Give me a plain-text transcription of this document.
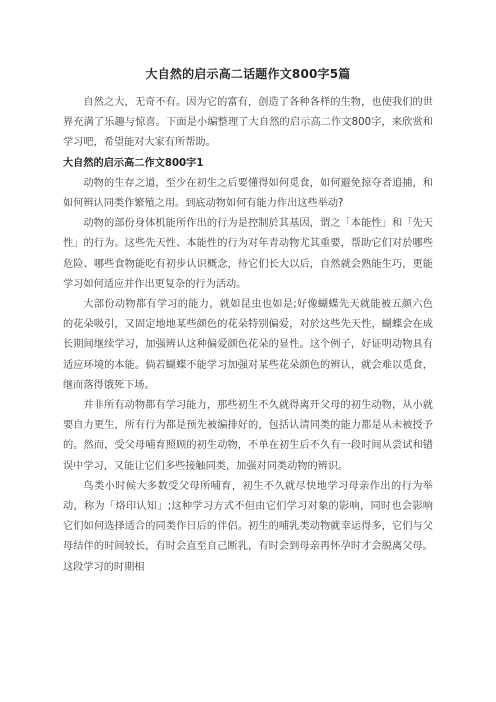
大自然的启示高二话题作文800字5篇

自然之大，无奇不有。因为它的富有，创造了各种各样的生物，也使我们的世界充满了乐趣与惊喜。下面是小编整理了大自然的启示高二作文800字，来欣赏和学习吧，希望能对大家有所帮助。

大自然的启示高二作文800字1

动物的生存之道，至少在初生之后要懂得如何觅食，如何避免掠夺者追捕，和如何辨认同类作繁殖之用。到底动物如何有能力作出这些举动?

动物的部份身体机能所作出的行为是控制於其基因，谓之「本能性」和「先天性」的行为。这些先天性、本能性的行为对年青动物尤其重要，帮助它们对於哪些危险、哪些食物能吃有初步认识概念，待它们长大以后，自然就会熟能生巧，更能学习如何适应并作出更复杂的行为活动。

大部份动物都有学习的能力，就如昆虫也如是;好像蝴蝶先天就能被五颜六色的花朵吸引，又固定地地某些颜色的花朵特别偏爱，对於这些先天性，蝴蝶会在成长期间继续学习，加强辨认这种偏爱颜色花朵的显性。这个例子，好证明动物具有适应环境的本能。倘若蝴蝶不能学习加强对某些花朵颜色的辨认，就会难以觅食，继而落得饿死下场。

并非所有动物都有学习能力，那些初生不久就得离开父母的初生动物，从小就要自力更生，所有行为都是预先被编排好的，包括认清同类的能力都是从未被授予的。然而，受父母哺育照顾的初生动物，不单在初生后不久有一段时间从尝试和错误中学习，又能让它们多些接触同类，加强对同类动物的辨识。

鸟类小时候大多数受父母所哺育，初生不久就尽快地学习母亲作出的行为举动，称为「烙印认知」;这种学习方式不但由它们学习对象的影响，同时也会影响它们如何选择适合的同类作日后的伴侣。初生的哺乳类动物就幸运得多，它们与父母结伴的时间较长，有时会直至自己断乳，有时会到母亲再怀孕时才会脱离父母。这段学习的时期相
